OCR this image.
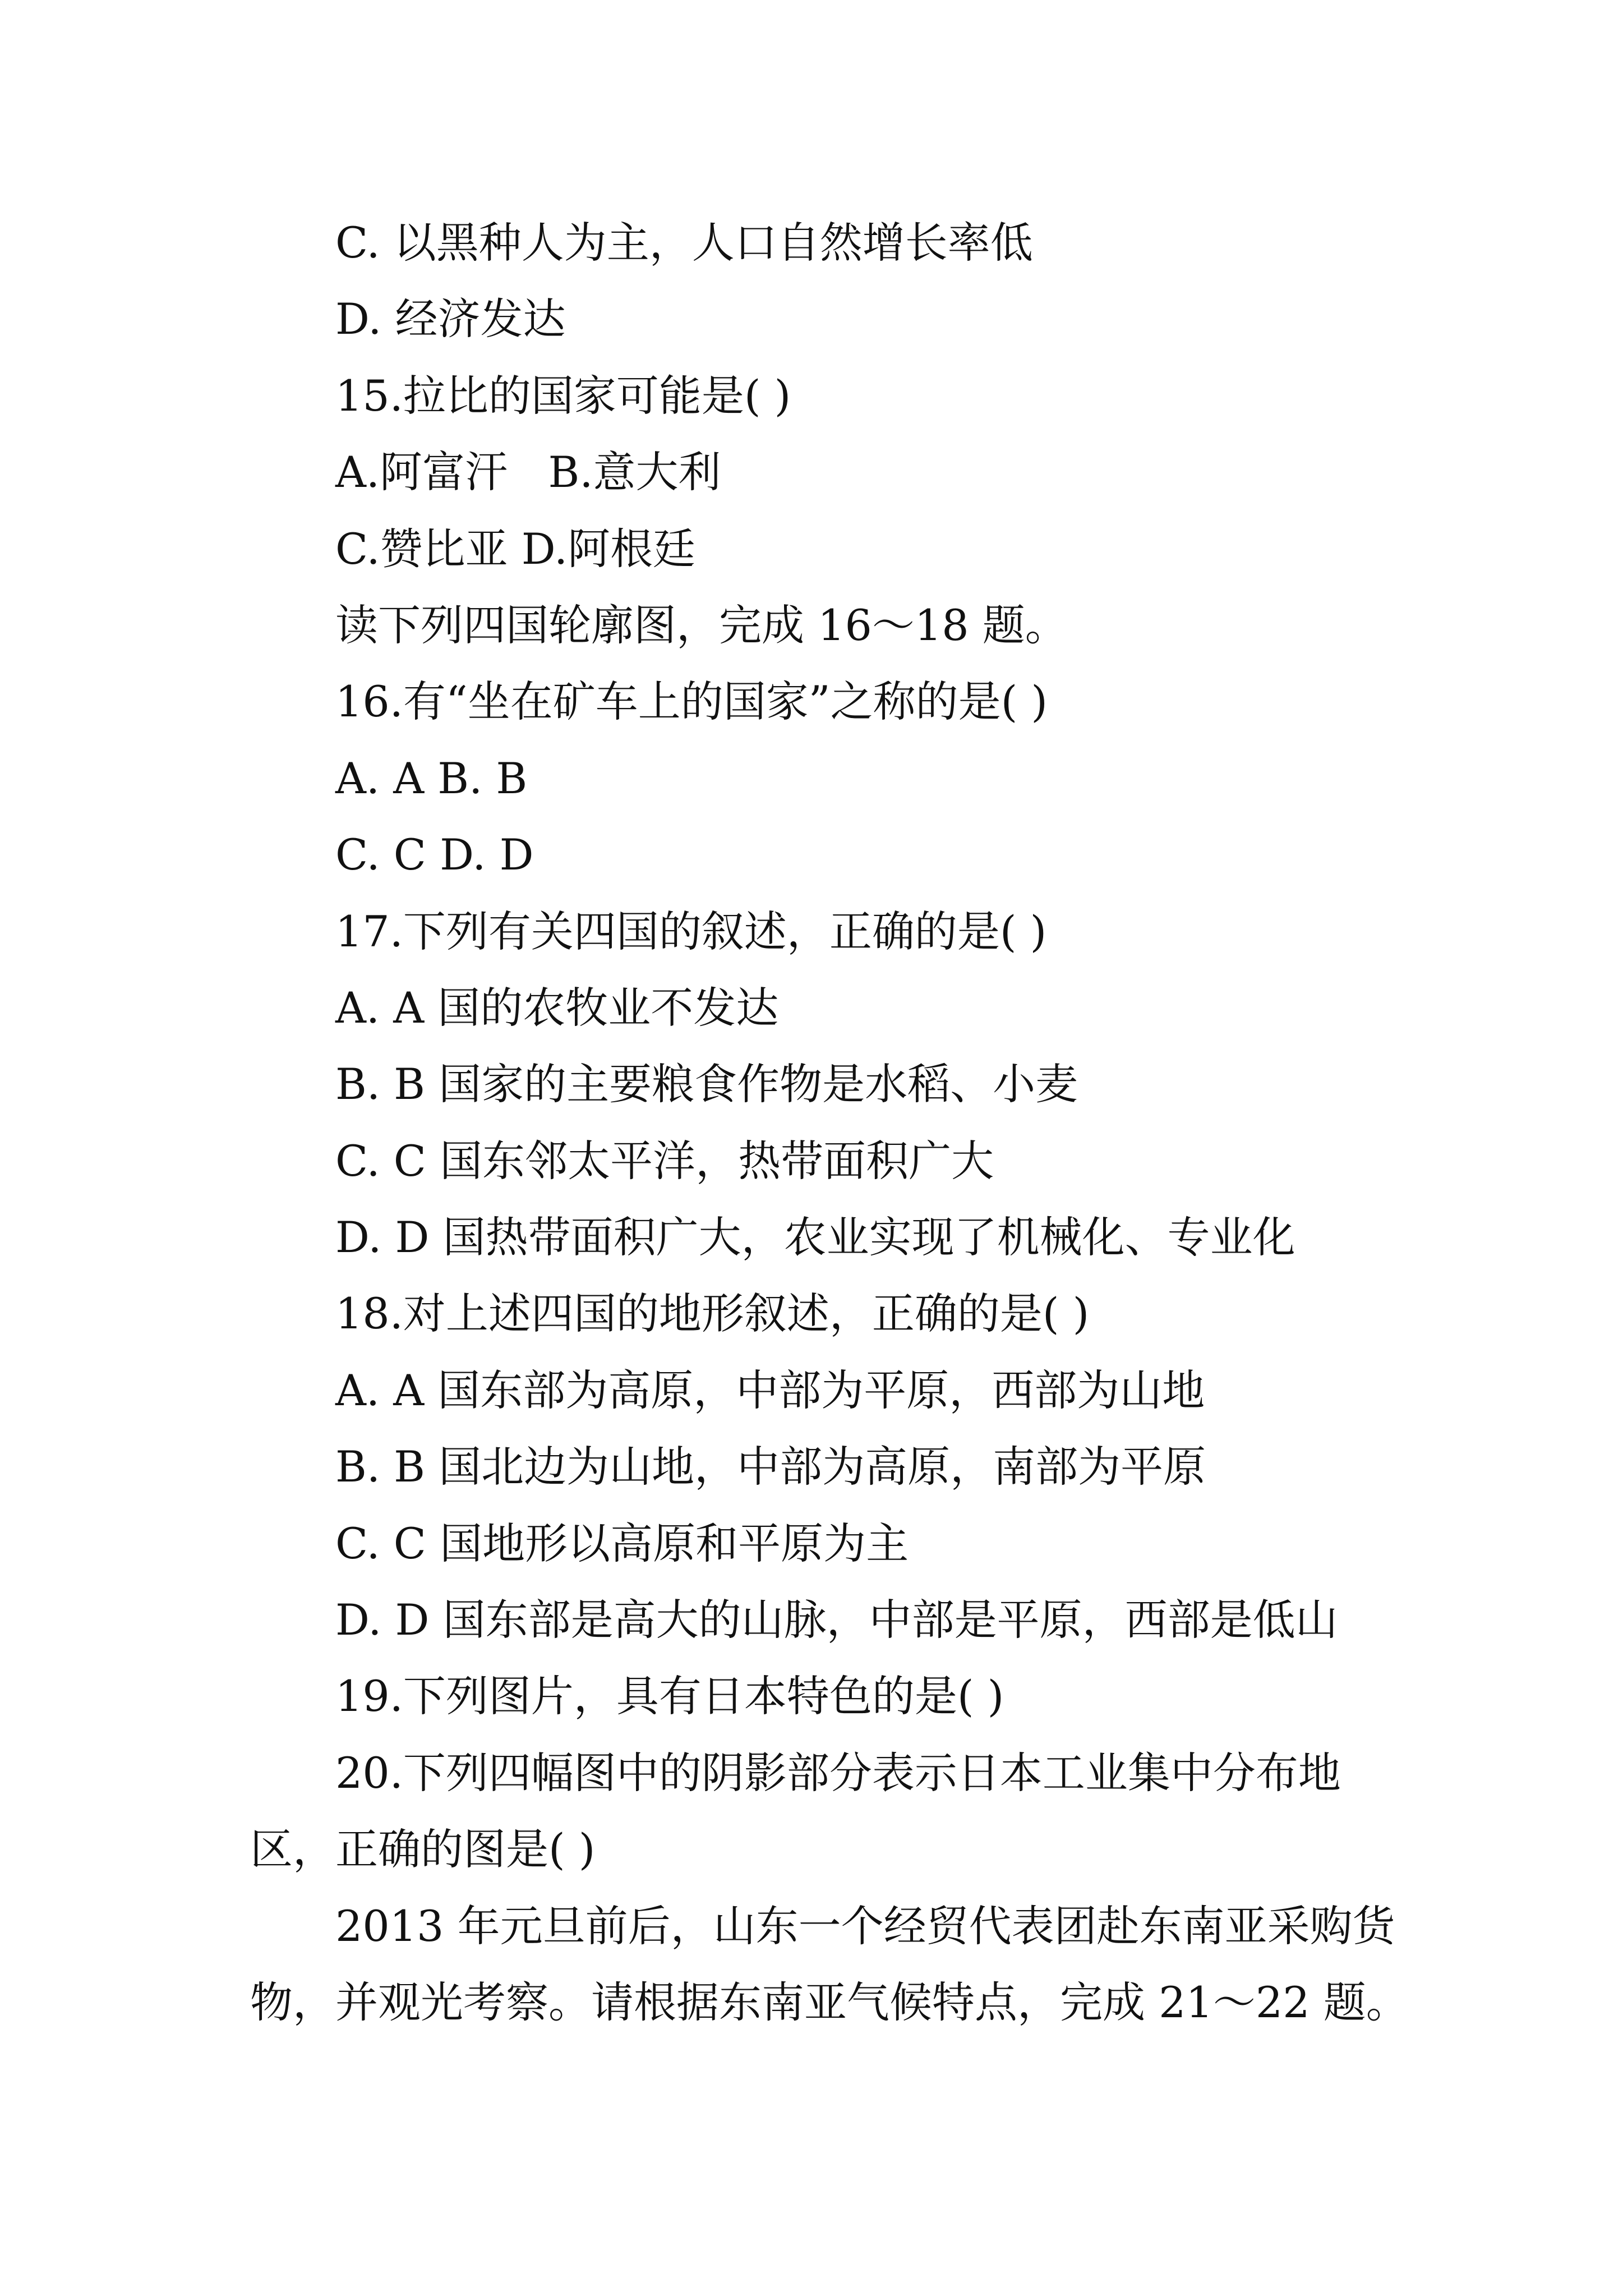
C. 以黑种人为主，人口自然增长率低
D. 经济发达
15.拉比的国家可能是( )
A.阿富汗   B.意大利
C.赞比亚 D.阿根廷
读下列四国轮廓图，完成 16～18 题。
16.有“坐在矿车上的国家”之称的是( )
A. A B. B
C. C D. D
17.下列有关四国的叙述，正确的是( )
A. A 国的农牧业不发达
B. B 国家的主要粮食作物是水稻、小麦
C. C 国东邻太平洋，热带面积广大
D. D 国热带面积广大，农业实现了机械化、专业化
18.对上述四国的地形叙述，正确的是( )
A. A 国东部为高原，中部为平原，西部为山地
B. B 国北边为山地，中部为高原，南部为平原
C. C 国地形以高原和平原为主
D. D 国东部是高大的山脉，中部是平原，西部是低山
19.下列图片，具有日本特色的是( )
20.下列四幅图中的阴影部分表示日本工业集中分布地
区，正确的图是( )
2013 年元旦前后，山东一个经贸代表团赴东南亚采购货
物，并观光考察。请根据东南亚气候特点，完成 21～22 题。
